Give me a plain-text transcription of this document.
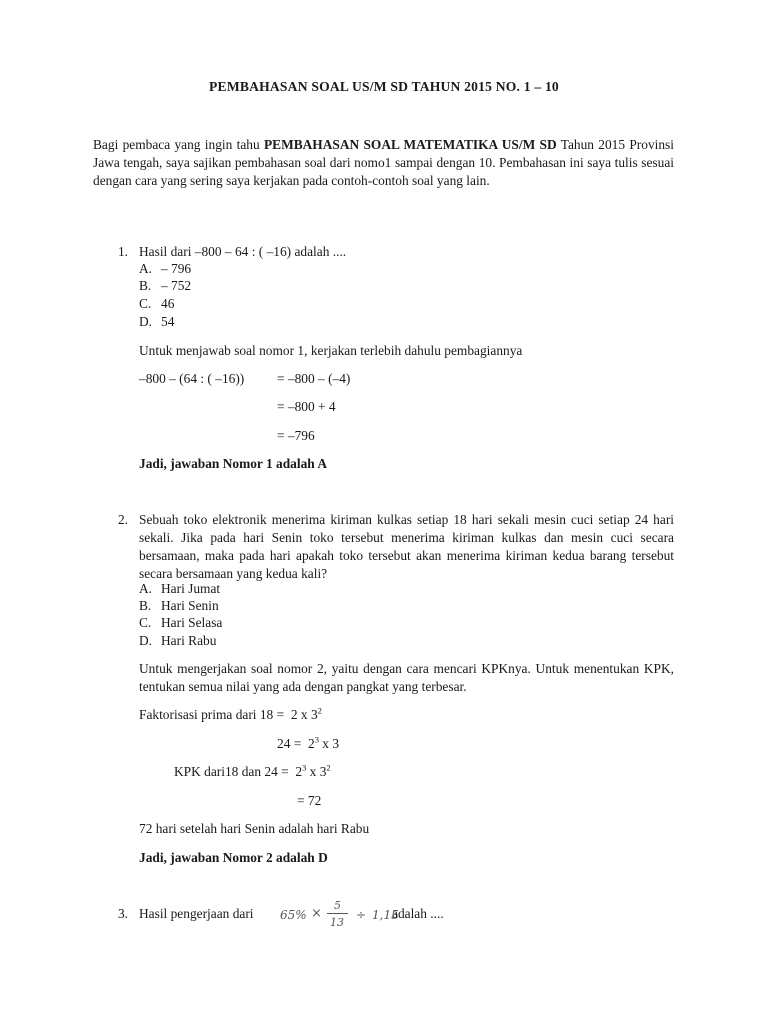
PEMBAHASAN SOAL US/M SD TAHUN 2015 NO. 1 – 10
Bagi pembaca yang ingin tahu PEMBAHASAN SOAL MATEMATIKA US/M SD Tahun 2015 Provinsi Jawa tengah, saya sajikan pembahasan soal dari nomo1 sampai dengan 10. Pembahasan ini saya tulis sesuai dengan cara yang sering saya kerjakan pada contoh-contoh soal yang lain.
1. Hasil dari –800 – 64 : ( –16) adalah ....
A. – 796
B. – 752
C. 46
D. 54
Untuk menjawab soal nomor 1, kerjakan terlebih dahulu pembagiannya
–800 – (64 : ( –16)) = –800 – (–4)
= –800 + 4
= –796
Jadi, jawaban Nomor 1 adalah A
2. Sebuah toko elektronik menerima kiriman kulkas setiap 18 hari sekali mesin cuci setiap 24 hari sekali. Jika pada hari Senin toko tersebut menerima kiriman kulkas dan mesin cuci secara bersamaan, maka pada hari apakah toko tersebut akan menerima kiriman kedua barang tersebut secara bersamaan yang kedua kali?
A. Hari Jumat
B. Hari Senin
C. Hari Selasa
D. Hari Rabu
Untuk mengerjakan soal nomor 2, yaitu dengan cara mencari KPKnya. Untuk menentukan KPK, tentukan semua nilai yang ada dengan pangkat yang terbesar.
Faktorisasi prima dari 18 = 2 x $3^2$
$24 = 2^3$ x 3
KPK dari18 dan $24 = 2^3$ x $3^2$
= 72
72 hari setelah hari Senin adalah hari Rabu
Jadi, jawaban Nomor 2 adalah D
3. Hasil pengerjaan dari 65% ×
5
13
÷ 1,15
adalah ....
